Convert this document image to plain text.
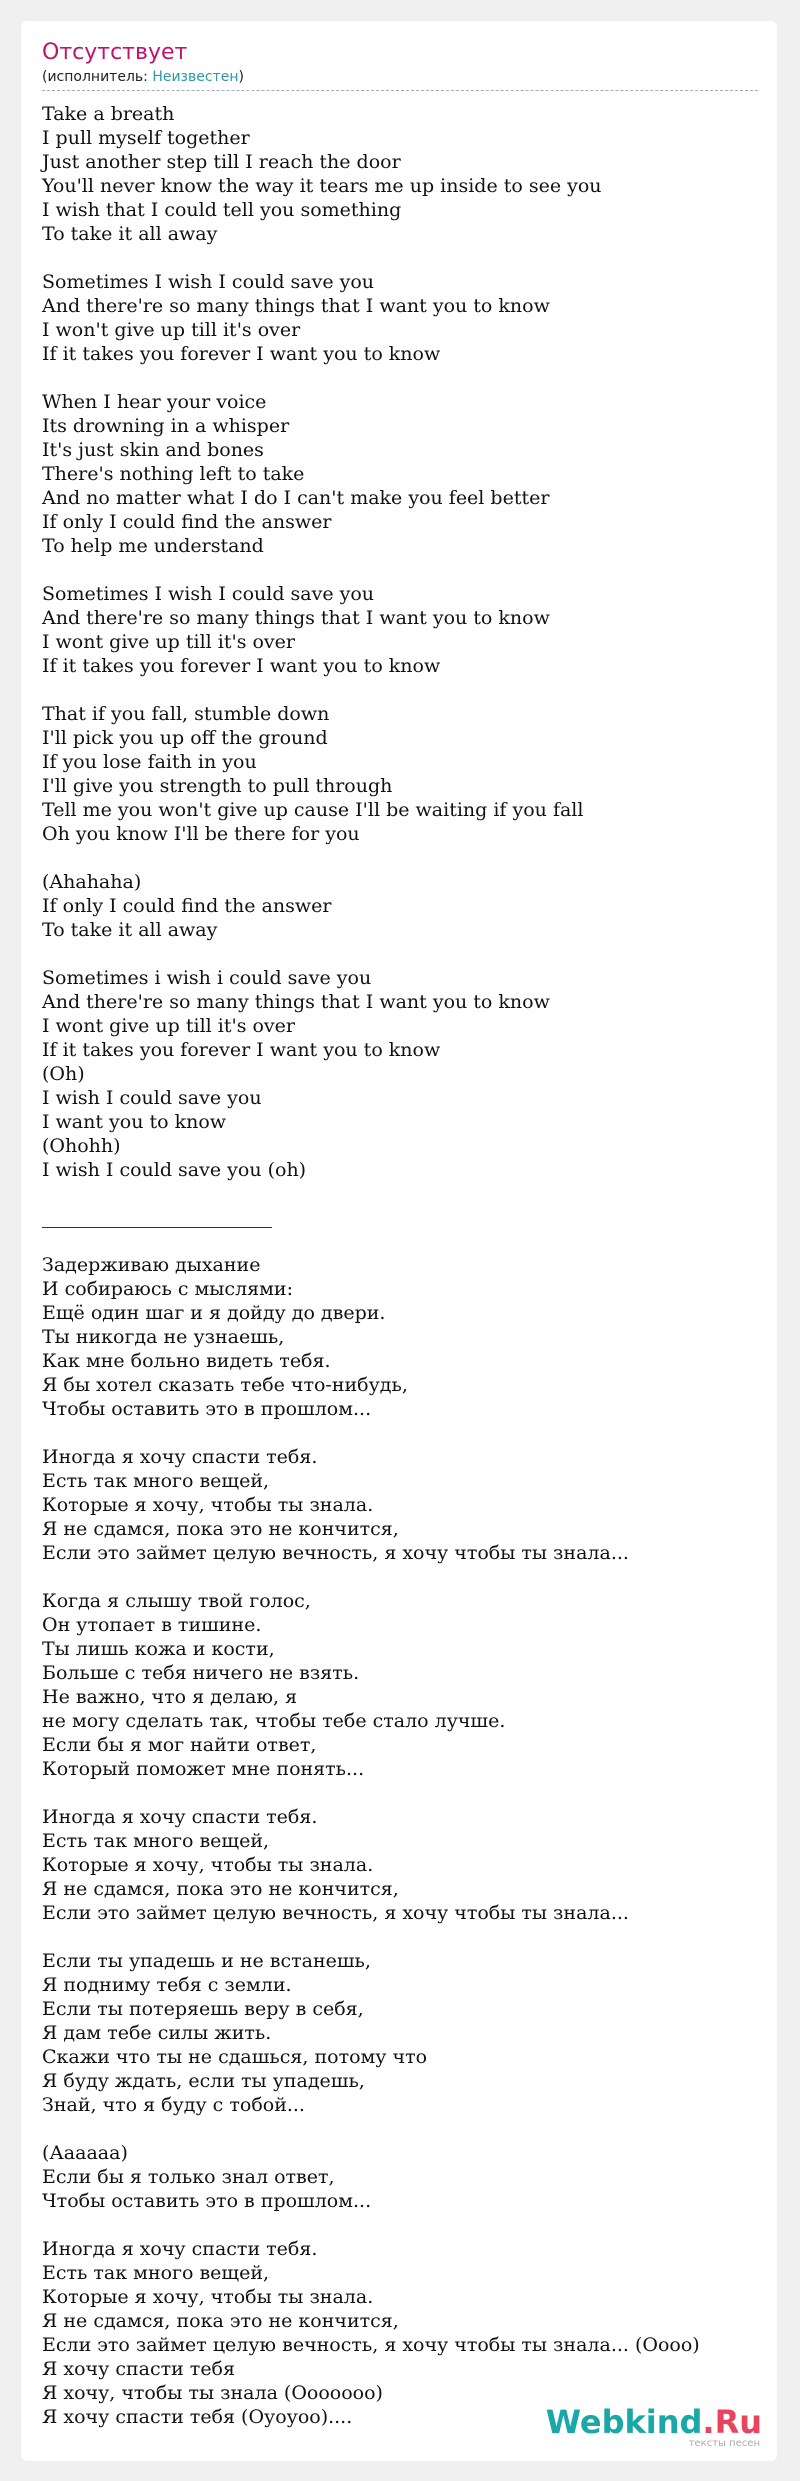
Отсутствует
(исполнитель: Неизвестен)
Take a breath
I pull myself together
Just another step till I reach the door
You'll never know the way it tears me up inside to see you
I wish that I could tell you something
To take it all away

Sometimes I wish I could save you
And there're so many things that I want you to know
I won't give up till it's over
If it takes you forever I want you to know

When I hear your voice
Its drowning in a whisper
It's just skin and bones
There's nothing left to take
And no matter what I do I can't make you feel better
If only I could find the answer
To help me understand

Sometimes I wish I could save you
And there're so many things that I want you to know
I wont give up till it's over
If it takes you forever I want you to know

That if you fall, stumble down
I'll pick you up off the ground
If you lose faith in you
I'll give you strength to pull through
Tell me you won't give up cause I'll be waiting if you fall
Oh you know I'll be there for you

(Ahahaha)
If only I could find the answer
To take it all away

Sometimes i wish i could save you
And there're so many things that I want you to know
I wont give up till it's over
If it takes you forever I want you to know
(Oh)
I wish I could save you
I want you to know
(Ohohh)
I wish I could save you (oh)
Задерживаю дыхание
И собираюсь с мыслями:
Ещё один шаг и я дойду до двери.
Ты никогда не узнаешь,
Как мне больно видеть тебя.
Я бы хотел сказать тебе что-нибудь,
Чтобы оставить это в прошлом...

Иногда я хочу спасти тебя.
Есть так много вещей,
Которые я хочу, чтобы ты знала.
Я не сдамся, пока это не кончится,
Если это займет целую вечность, я хочу чтобы ты знала...

Когда я слышу твой голос,
Он утопает в тишине.
Ты лишь кожа и кости,
Больше с тебя ничего не взять.
Не важно, что я делаю, я
не могу сделать так, чтобы тебе стало лучше.
Если бы я мог найти ответ,
Который поможет мне понять...

Иногда я хочу спасти тебя.
Есть так много вещей,
Которые я хочу, чтобы ты знала.
Я не сдамся, пока это не кончится,
Если это займет целую вечность, я хочу чтобы ты знала...

Если ты упадешь и не встанешь,
Я подниму тебя с земли.
Если ты потеряешь веру в себя,
Я дам тебе силы жить.
Скажи что ты не сдашься, потому что
Я буду ждать, если ты упадешь,
Знай, что я буду с тобой...

(Аааааа)
Если бы я только знал ответ,
Чтобы оставить это в прошлом...

Иногда я хочу спасти тебя.
Есть так много вещей,
Которые я хочу, чтобы ты знала.
Я не сдамся, пока это не кончится,
Если это займет целую вечность, я хочу чтобы ты знала... (Оооо)
Я хочу спасти тебя
Я хочу, чтобы ты знала (Ооооооо)
Я хочу спасти тебя (Оуоуоо)....	Webkind.Ru
тексты песен
